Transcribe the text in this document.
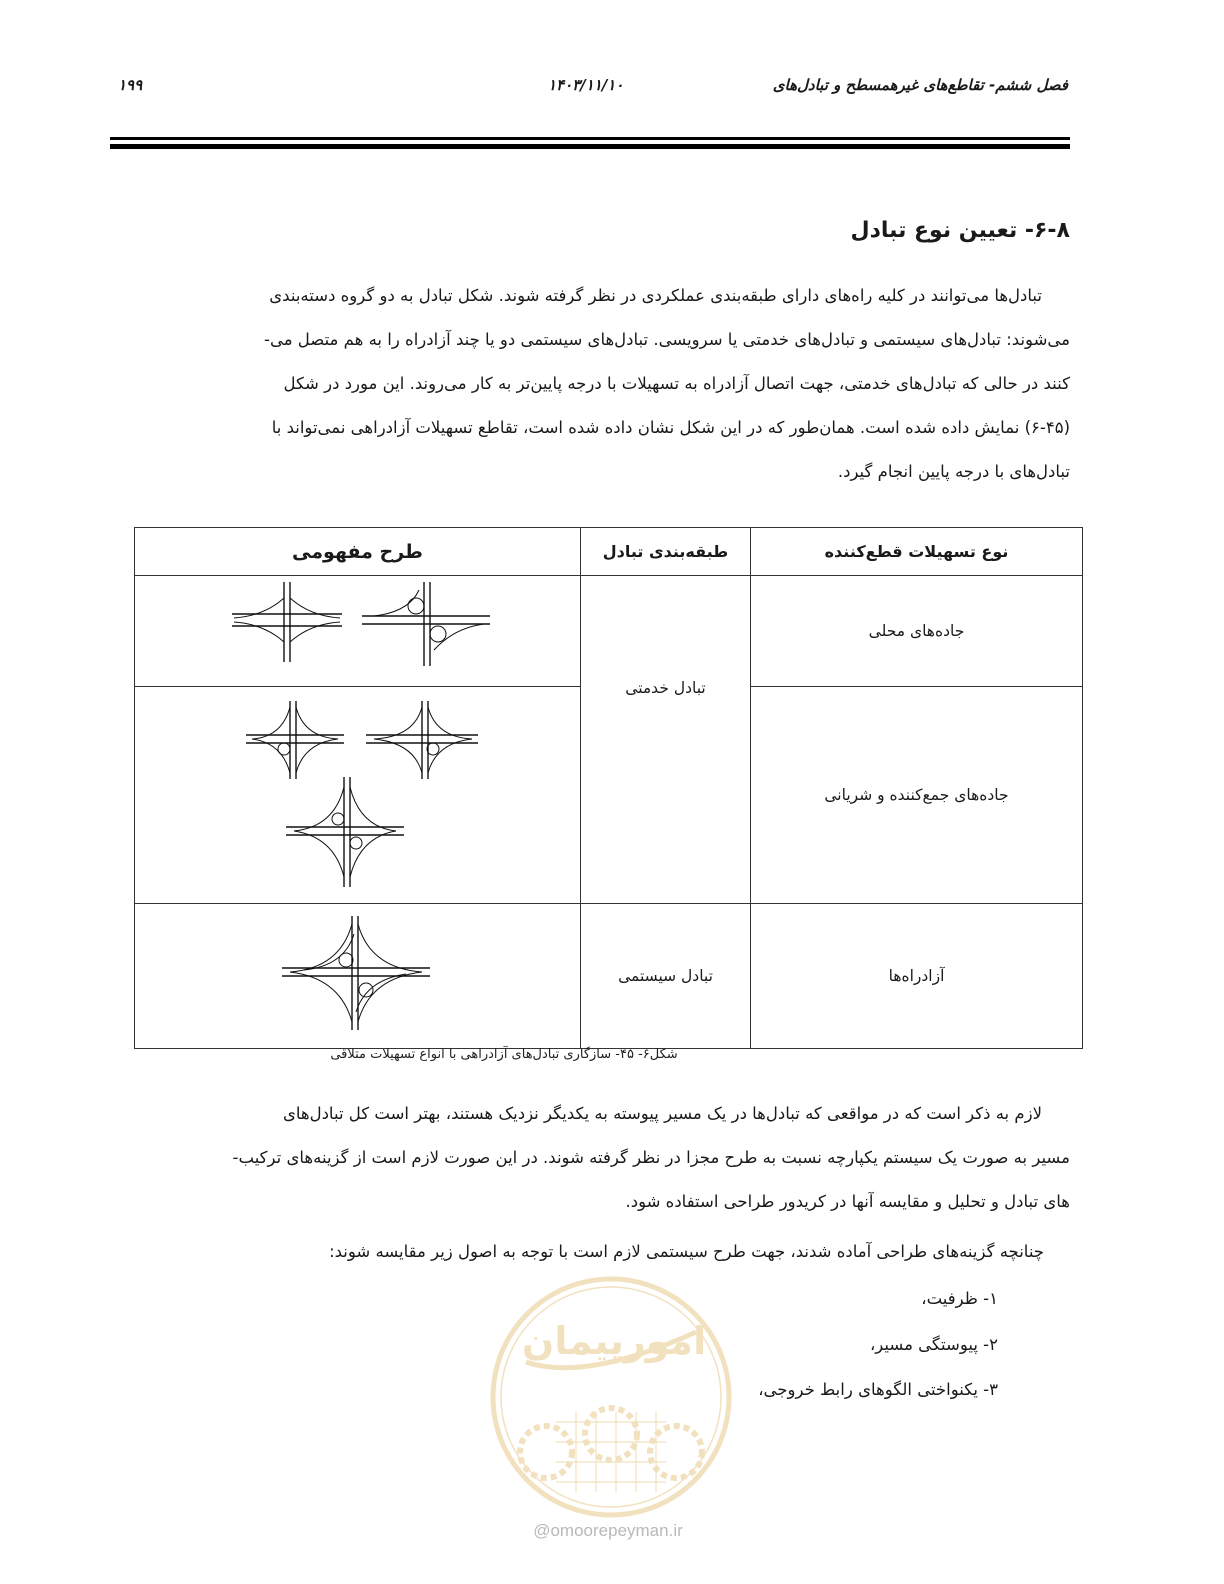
۱۹۹	۱۴۰۳/۱۱/۱۰	فصل ششم- تقاطع‌های غیرهمسطح و تبادل‌های
۶-۸- تعیین نوع تبادل
تبادل‌ها می‌توانند در کلیه راه‌های دارای طبقه‌بندی عملکردی در نظر گرفته شوند. شکل تبادل به دو گروه دسته‌بندی
می‌شوند: تبادل‌های سیستمی و تبادل‌های خدمتی یا سرویسی. تبادل‌های سیستمی دو یا چند آزادراه را به هم متصل می-
کنند در حالی که تبادل‌های خدمتی، جهت اتصال آزادراه به تسهیلات با درجه پایین‌تر به کار می‌روند. این مورد در شکل
(۶-۴۵) نمایش داده شده است. همان‌طور که در این شکل نشان داده شده است، تقاطع تسهیلات آزادراهی نمی‌تواند با
تبادل‌های با درجه پایین انجام گیرد.
نوع تسهیلات قطع‌کننده	طبقه‌بندی تبادل	طرح مفهومی
جاده‌های محلی	تبادل خدمتی

جاده‌های جمع‌کننده و شریانی	
آزادراه‌ها	تبادل سیستمی	
شکل۶- ۴۵- سازگاری تبادل‌های آزادراهی با انواع تسهیلات متلاقی
امورپیمان
@omoorepeyman.ir
لازم به ذکر است که در مواقعی که تبادل‌ها در یک مسیر پیوسته به یکدیگر نزدیک هستند، بهتر است کل تبادل‌های
مسیر به صورت یک سیستم یکپارچه نسبت به طرح مجزا در نظر گرفته شوند. در این صورت لازم است از گزینه‌های ترکیب-
های تبادل و تحلیل و مقایسه آنها در کریدور طراحی استفاده شود.
چنانچه گزینه‌های طراحی آماده شدند، جهت طرح سیستمی لازم است با توجه به اصول زیر مقایسه شوند:
۱- ظرفیت،
۲- پیوستگی مسیر،
۳- یکنواختی الگوهای رابط خروجی،
